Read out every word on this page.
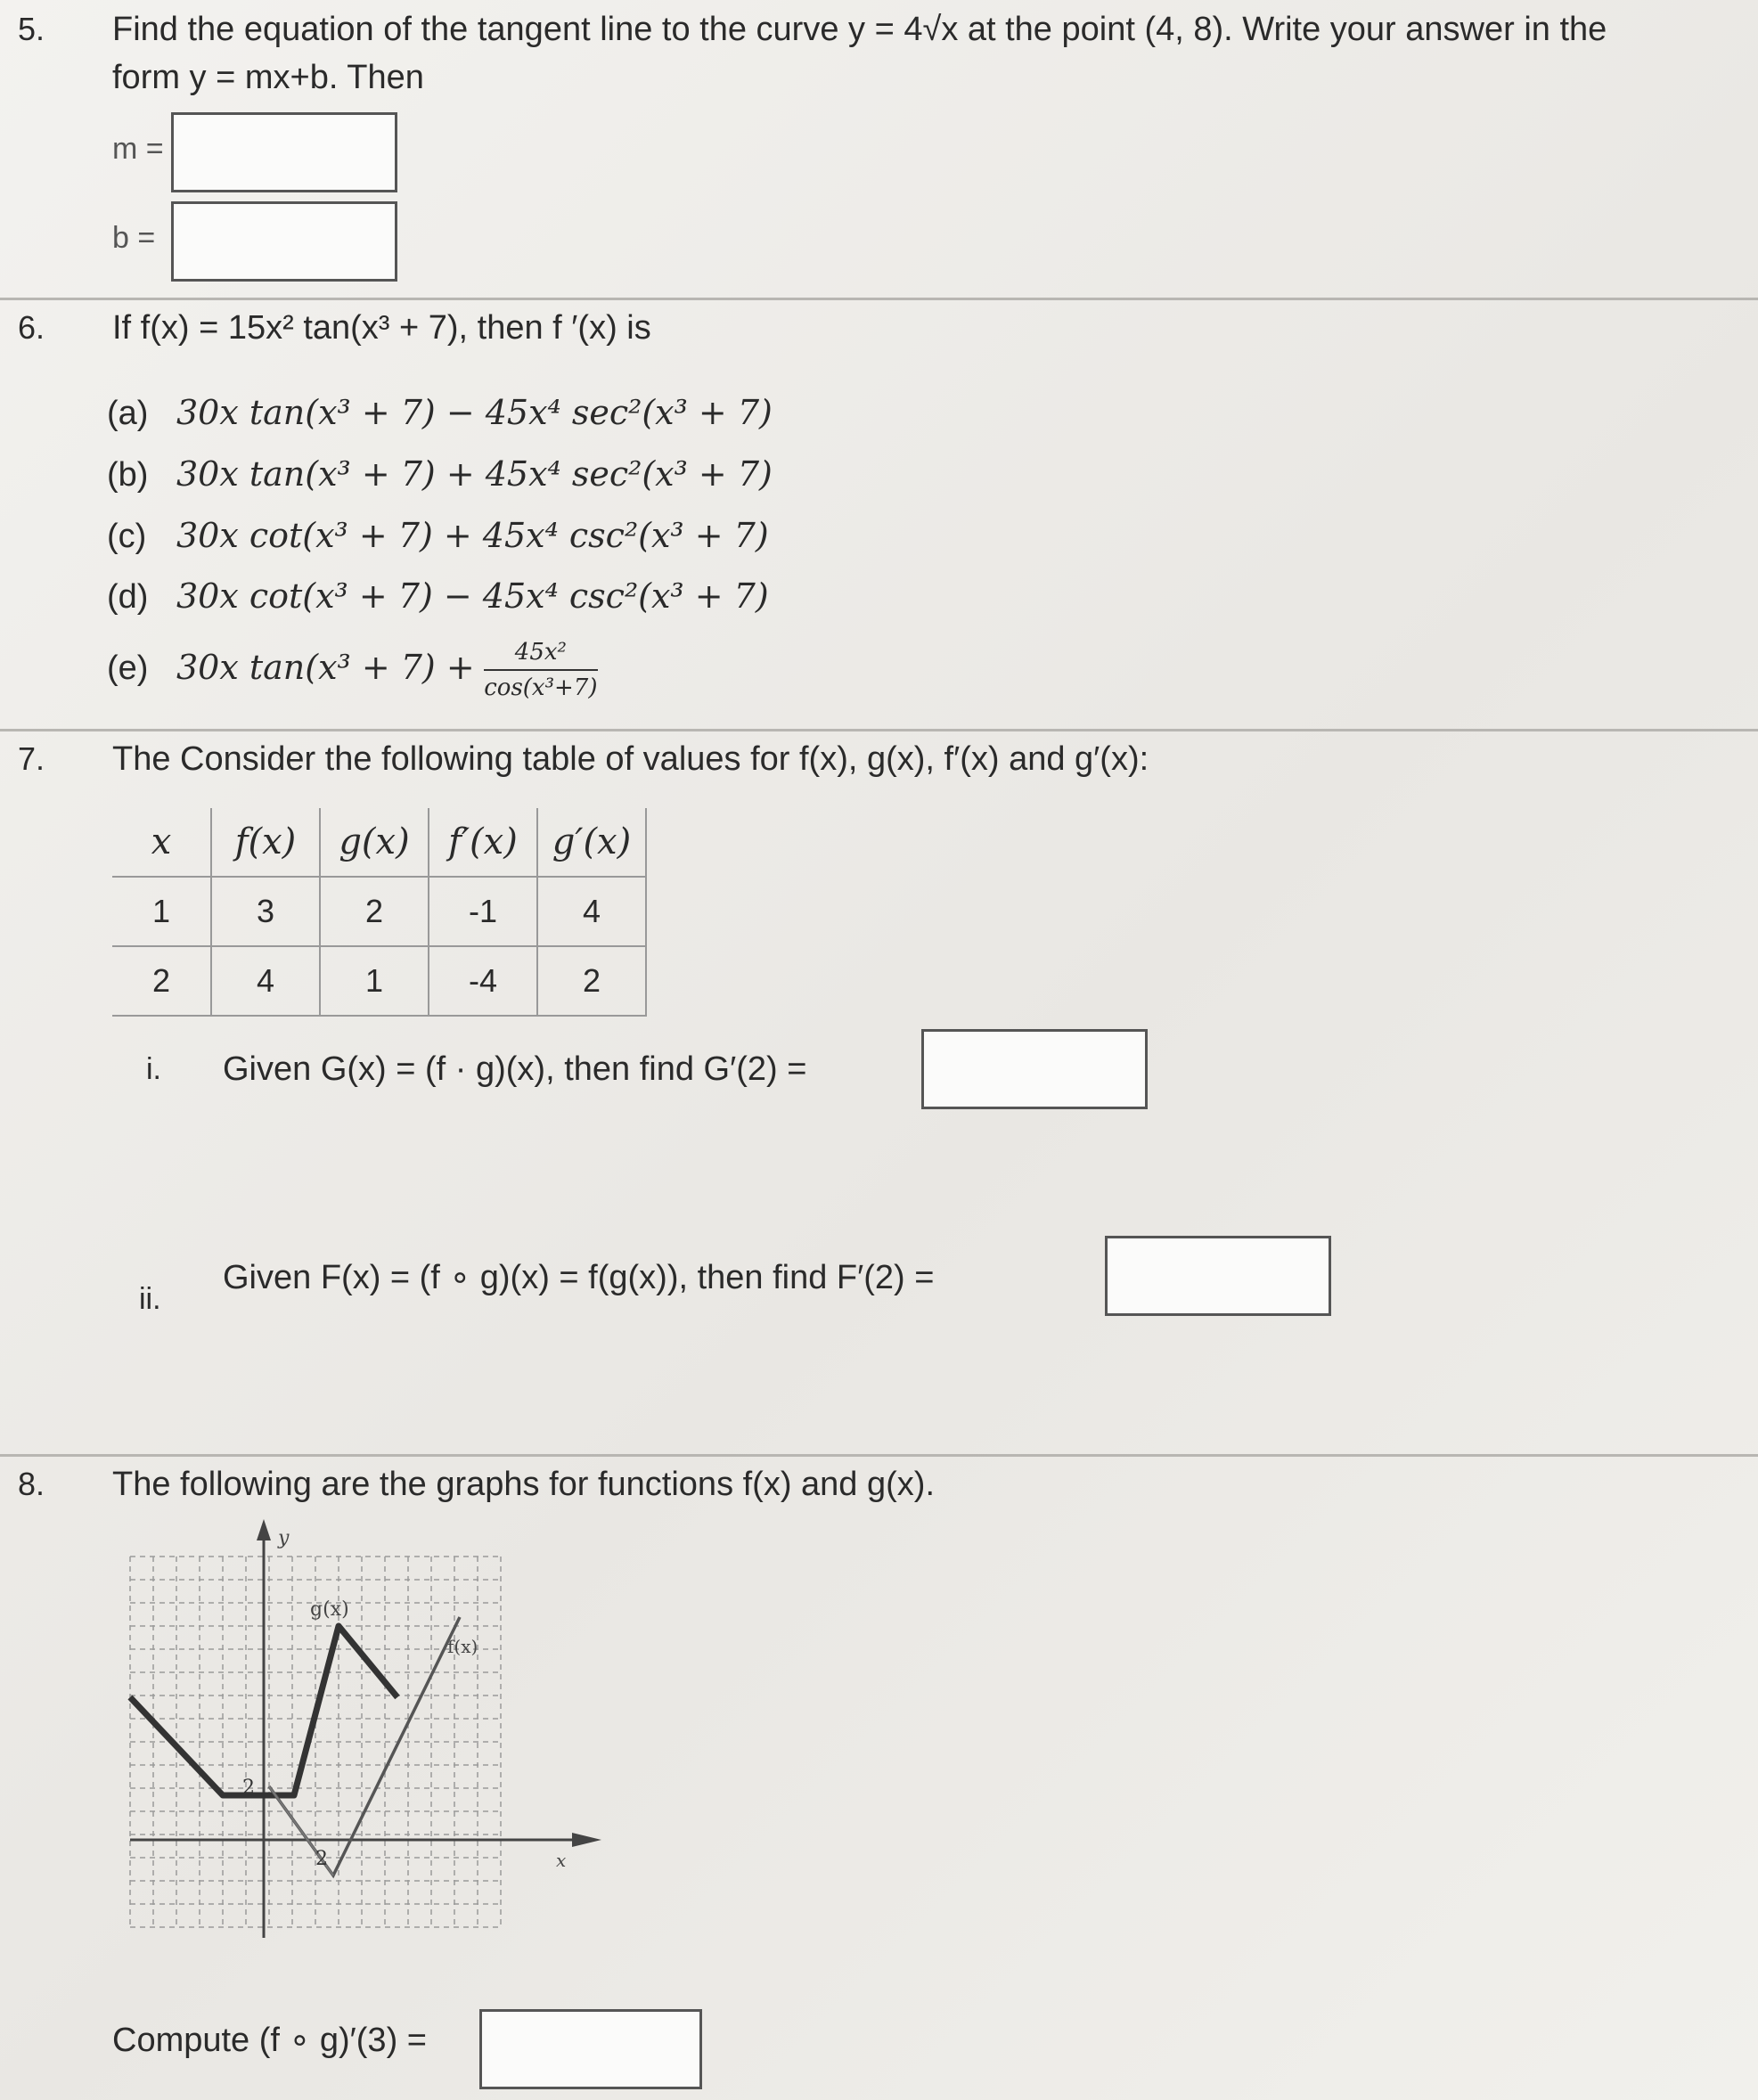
5. Find the equation of the tangent line to the curve y = 4√x at the point (4, 8). Write your answer in the
form y = mx+b. Then
m =
b =
6. If f(x) = 15x² tan(x³ + 7), then f ′(x) is
(a) 30x tan(x³ + 7) − 45x⁴ sec²(x³ + 7)
(b) 30x tan(x³ + 7) + 45x⁴ sec²(x³ + 7)
(c) 30x cot(x³ + 7) + 45x⁴ csc²(x³ + 7)
(d) 30x cot(x³ + 7) − 45x⁴ csc²(x³ + 7)
(e) 30x $\tan(x^3 + 7) + \frac{\text{45x²}}{\text{cos(x³+7)}}$
7. The Consider the following table of values for f(x), g(x), f′(x) and g′(x):
x	f(x)	g(x)	f′(x)	g′(x)
1	3	2	-1	4
2	4	1	-4	2
i. Given G(x) = (f · g)(x), then find G′(2) =
ii.
Given F(x) = (f ∘ g)(x) = f(g(x)), then find F′(2) =
8. The following are the graphs for functions f(x) and g(x).
y
x
g(x)
f(x)
2
2
Compute (f ∘ g)′(3) =
